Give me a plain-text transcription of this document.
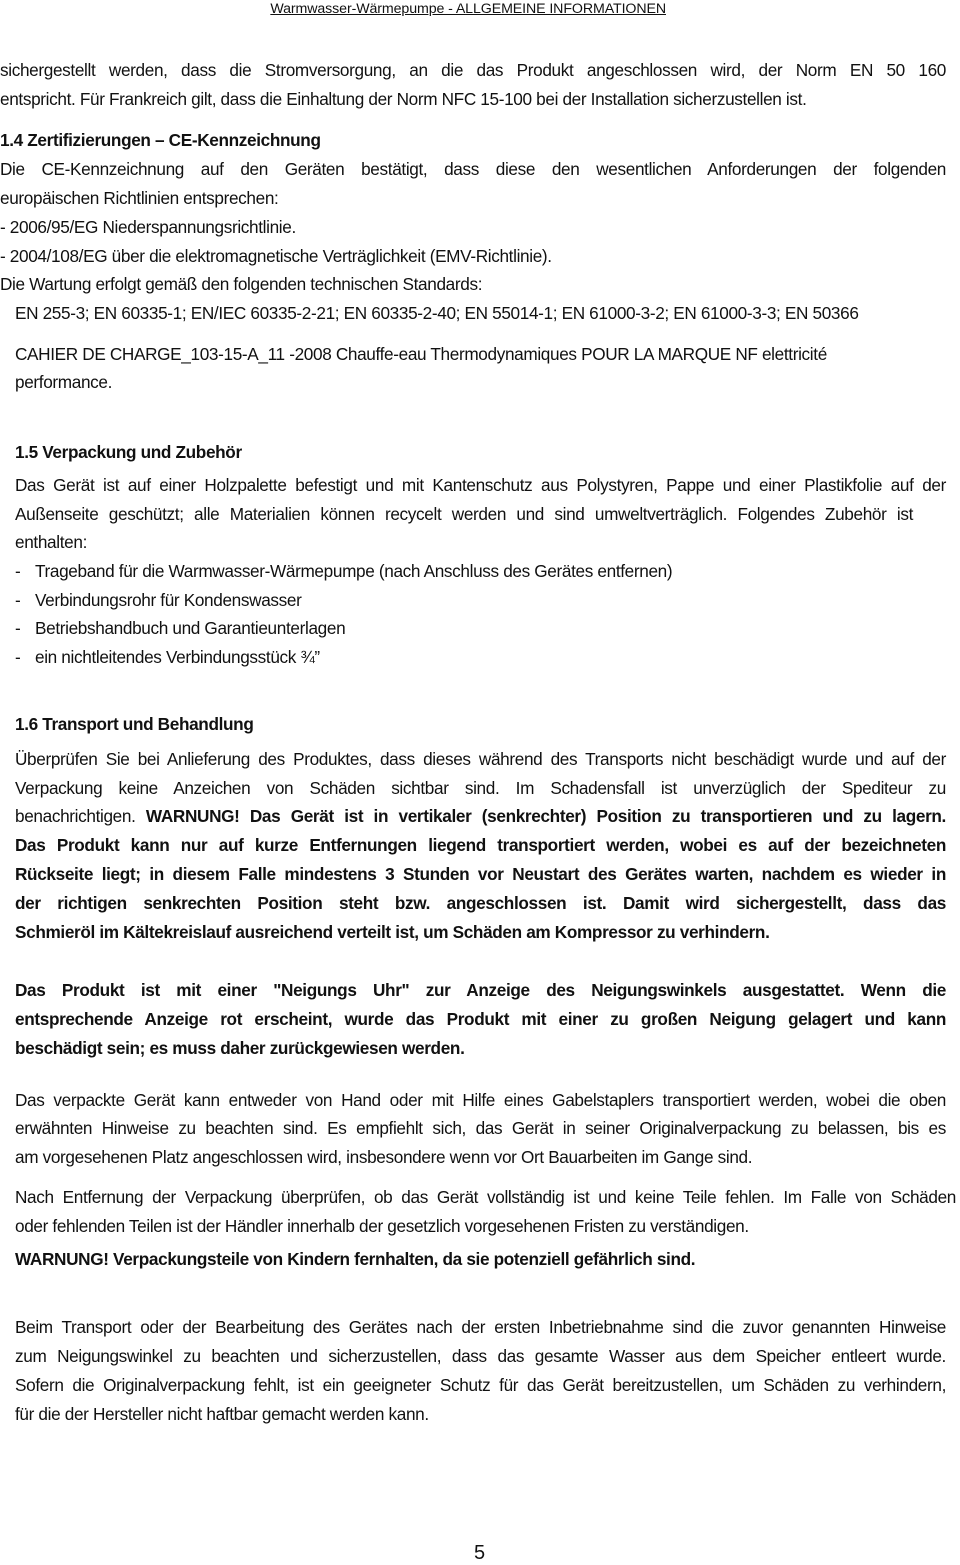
Warmwasser-Wärmepumpe - ALLGEMEINE INFORMATIONEN
sichergestellt werden, dass die Stromversorgung, an die das Produkt angeschlossen wird, der Norm EN 50 160
entspricht. Für Frankreich gilt, dass die Einhaltung der Norm NFC 15-100 bei der Installation sicherzustellen ist.
1.4 Zertifizierungen – CE-Kennzeichnung
Die CE-Kennzeichnung auf den Geräten bestätigt, dass diese den wesentlichen Anforderungen der folgenden
europäischen Richtlinien entsprechen:
- 2006/95/EG Niederspannungsrichtlinie.
- 2004/108/EG über die elektromagnetische Verträglichkeit (EMV-Richtlinie).
Die Wartung erfolgt gemäß den folgenden technischen Standards:
EN 255-3; EN 60335-1; EN/IEC 60335-2-21; EN 60335-2-40; EN 55014-1; EN 61000-3-2; EN 61000-3-3; EN 50366
CAHIER DE CHARGE_103-15-A_11 -2008 Chauffe-eau Thermodynamiques POUR LA MARQUE NF elettricité
performance.
1.5 Verpackung und Zubehör
Das Gerät ist auf einer Holzpalette befestigt und mit Kantenschutz aus Polystyren, Pappe und einer Plastikfolie auf der
Außenseite geschützt; alle Materialien können recycelt werden und sind umweltverträglich. Folgendes Zubehör ist
enthalten:
- Trageband für die Warmwasser-Wärmepumpe (nach Anschluss des Gerätes entfernen)
- Verbindungsrohr für Kondenswasser
- Betriebshandbuch und Garantieunterlagen
- ein nichtleitendes Verbindungsstück ¾”
1.6 Transport und Behandlung
Überprüfen Sie bei Anlieferung des Produktes, dass dieses während des Transports nicht beschädigt wurde und auf der
Verpackung keine Anzeichen von Schäden sichtbar sind. Im Schadensfall ist unverzüglich der Spediteur zu
benachrichtigen. WARNUNG! Das Gerät ist in vertikaler (senkrechter) Position zu transportieren und zu lagern.
Das Produkt kann nur auf kurze Entfernungen liegend transportiert werden, wobei es auf der bezeichneten
Rückseite liegt; in diesem Falle mindestens 3 Stunden vor Neustart des Gerätes warten, nachdem es wieder in
der richtigen senkrechten Position steht bzw. angeschlossen ist. Damit wird sichergestellt, dass das
Schmieröl im Kältekreislauf ausreichend verteilt ist, um Schäden am Kompressor zu verhindern.
Das Produkt ist mit einer "Neigungs Uhr" zur Anzeige des Neigungswinkels ausgestattet. Wenn die
entsprechende Anzeige rot erscheint, wurde das Produkt mit einer zu großen Neigung gelagert und kann
beschädigt sein; es muss daher zurückgewiesen werden.
Das verpackte Gerät kann entweder von Hand oder mit Hilfe eines Gabelstaplers transportiert werden, wobei die oben
erwähnten Hinweise zu beachten sind. Es empfiehlt sich, das Gerät in seiner Originalverpackung zu belassen, bis es
am vorgesehenen Platz angeschlossen wird, insbesondere wenn vor Ort Bauarbeiten im Gange sind.
Nach Entfernung der Verpackung überprüfen, ob das Gerät vollständig ist und keine Teile fehlen. Im Falle von Schäden
oder fehlenden Teilen ist der Händler innerhalb der gesetzlich vorgesehenen Fristen zu verständigen.
WARNUNG! Verpackungsteile von Kindern fernhalten, da sie potenziell gefährlich sind.
Beim Transport oder der Bearbeitung des Gerätes nach der ersten Inbetriebnahme sind die zuvor genannten Hinweise
zum Neigungswinkel zu beachten und sicherzustellen, dass das gesamte Wasser aus dem Speicher entleert wurde.
Sofern die Originalverpackung fehlt, ist ein geeigneter Schutz für das Gerät bereitzustellen, um Schäden zu verhindern,
für die der Hersteller nicht haftbar gemacht werden kann.
5
